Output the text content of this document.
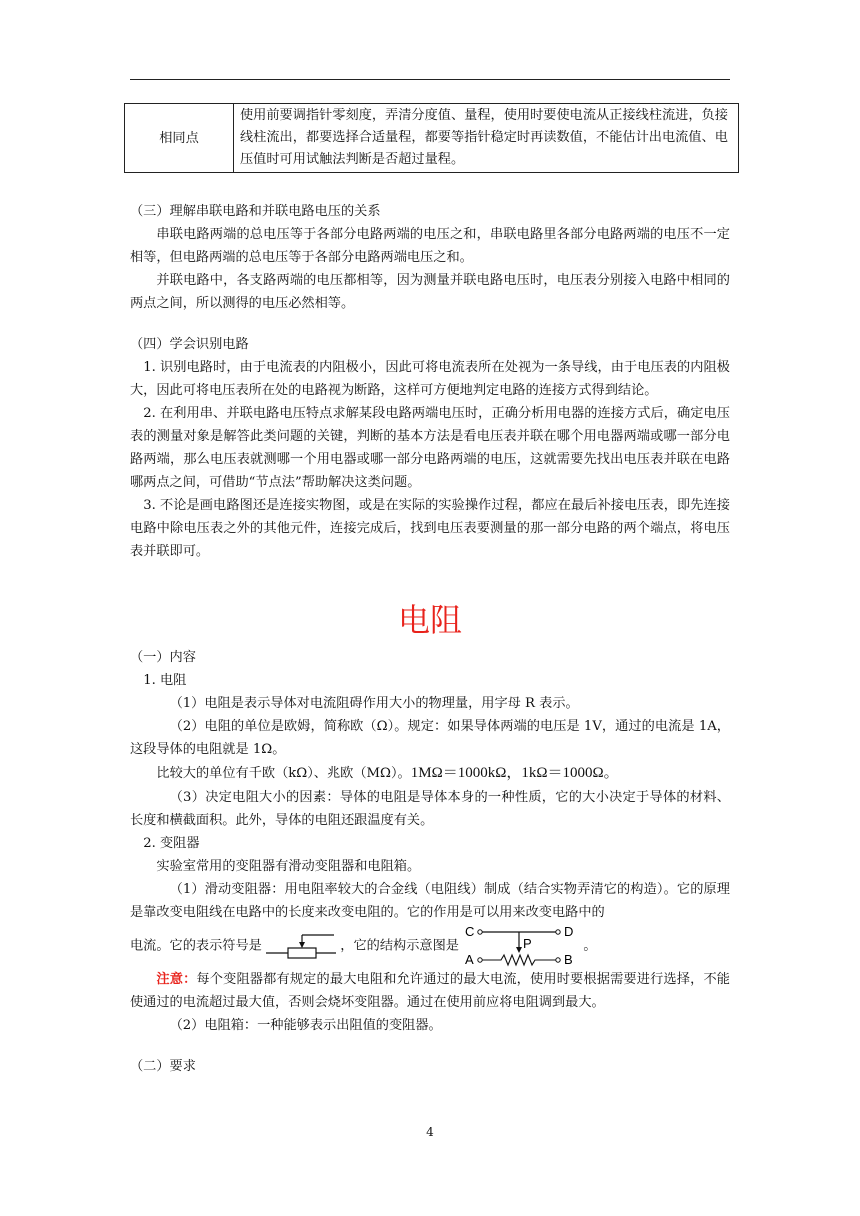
相同点	使用前要调指针零刻度，弄清分度值、量程，使用时要使电流从正接线柱流进，负接线柱流出，都要选择合适量程，都要等指针稳定时再读数值，不能估计出电流值、电压值时可用试触法判断是否超过量程。

（三）理解串联电路和并联电路电压的关系

串联电路两端的总电压等于各部分电路两端的电压之和，串联电路里各部分电路两端的电压不一定相等，但电路两端的总电压等于各部分电路两端电压之和。

并联电路中，各支路两端的电压都相等，因为测量并联电路电压时，电压表分别接入电路中相同的两点之间，所以测得的电压必然相等。

（四）学会识别电路

1. 识别电路时，由于电流表的内阻极小，因此可将电流表所在处视为一条导线，由于电压表的内阻极大，因此可将电压表所在处的电路视为断路，这样可方便地判定电路的连接方式得到结论。

2. 在利用串、并联电路电压特点求解某段电路两端电压时，正确分析用电器的连接方式后，确定电压表的测量对象是解答此类问题的关键，判断的基本方法是看电压表并联在哪个用电器两端或哪一部分电路两端，那么电压表就测哪一个用电器或哪一部分电路两端的电压，这就需要先找出电压表并联在电路哪两点之间，可借助“节点法”帮助解决这类问题。

3. 不论是画电路图还是连接实物图，或是在实际的实验操作过程，都应在最后补接电压表，即先连接电路中除电压表之外的其他元件，连接完成后，找到电压表要测量的那一部分电路的两个端点，将电压表并联即可。

电阻

（一）内容

1. 电阻

（1）电阻是表示导体对电流阻碍作用大小的物理量，用字母 R 表示。

（2）电阻的单位是欧姆，简称欧（Ω）。规定：如果导体两端的电压是 1V，通过的电流是 1A，这段导体的电阻就是 1Ω。

比较大的单位有千欧（kΩ）、兆欧（MΩ）。1MΩ＝1000kΩ，1kΩ＝1000Ω。

（3）决定电阻大小的因素：导体的电阻是导体本身的一种性质，它的大小决定于导体的材料、长度和横截面积。此外，导体的电阻还跟温度有关。

2. 变阻器

实验室常用的变阻器有滑动变阻器和电阻箱。

（1）滑动变阻器：用电阻率较大的合金线（电阻线）制成（结合实物弄清它的构造）。它的原理是靠改变电阻线在电路中的长度来改变电阻的。它的作用是可以用来改变电路中的

电流。它的表示符号是	，它的结构示意图是
C	D
P
A	B
。

注意：每个变阻器都有规定的最大电阻和允许通过的最大电流，使用时要根据需要进行选择，不能使通过的电流超过最大值，否则会烧坏变阻器。通过在使用前应将电阻调到最大。

（2）电阻箱：一种能够表示出阻值的变阻器。

（二）要求

4
